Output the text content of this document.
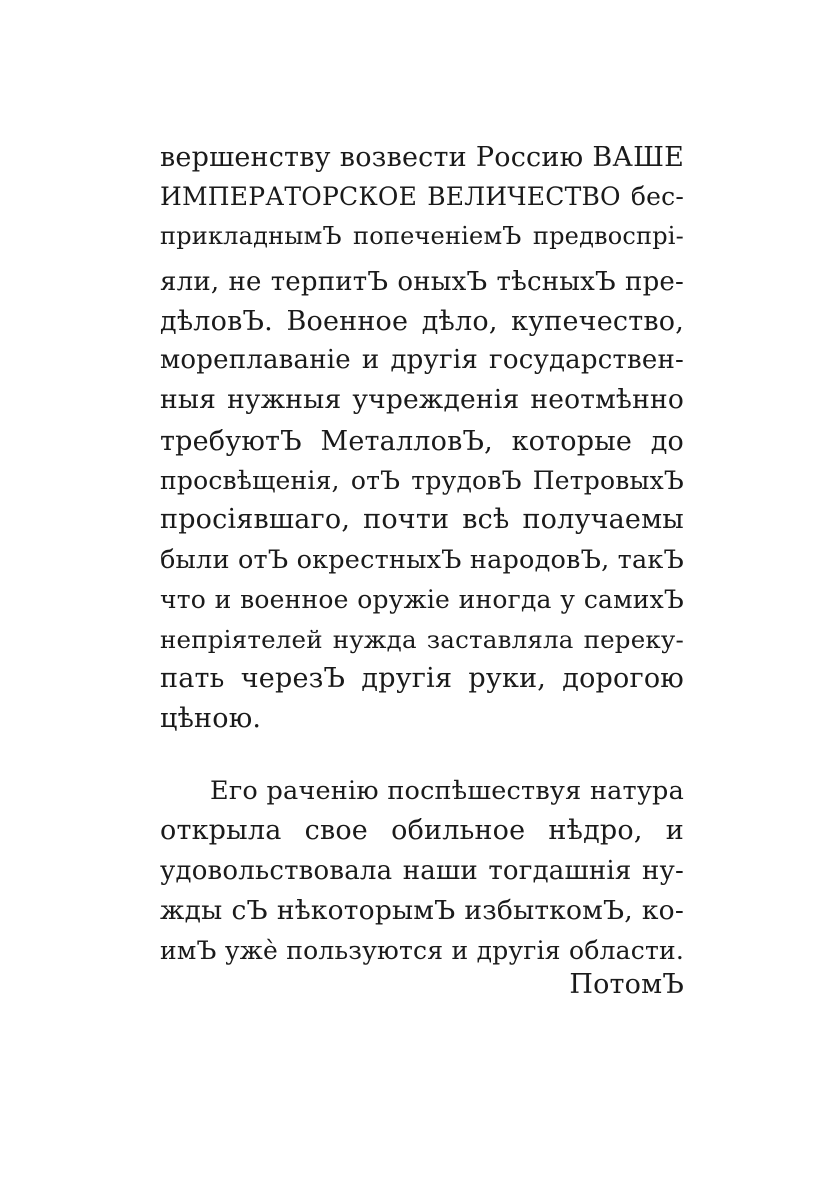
вершенству возвести Россию ВАШЕ
ИМПЕРАТОРСКОЕ ВЕЛИЧЕСТВО бес-
прикладнымЪ попеченiемЪ предвоспрi-
яли, не терпитЪ оныхЪ тѣсныхЪ пре-
дѣловЪ. Военное дѣло, купечество,
мореплаванiе и другiя государствен-
ныя нужныя учрежденiя неотмѣнно
требуютЪ МеталловЪ, которые до
просвѣщенiя, отЪ трудовЪ ПетровыхЪ
просiявшаго, почти всѣ получаемы
были отЪ окрестныхЪ народовЪ, такЪ
что и военное оружiе иногда у самихЪ
непрiятелей нужда заставляла переку-
пать черезЪ другiя руки, дорогою
цѣною.
Его раченiю поспѣшествуя натура
открыла свое обильное нѣдро, и
удовольствовала наши тогдашнiя ну-
жды сЪ нѣкоторымЪ избыткомЪ, ко-
имЪ ужѐ пользуются и другiя области.
ПотомЪ
